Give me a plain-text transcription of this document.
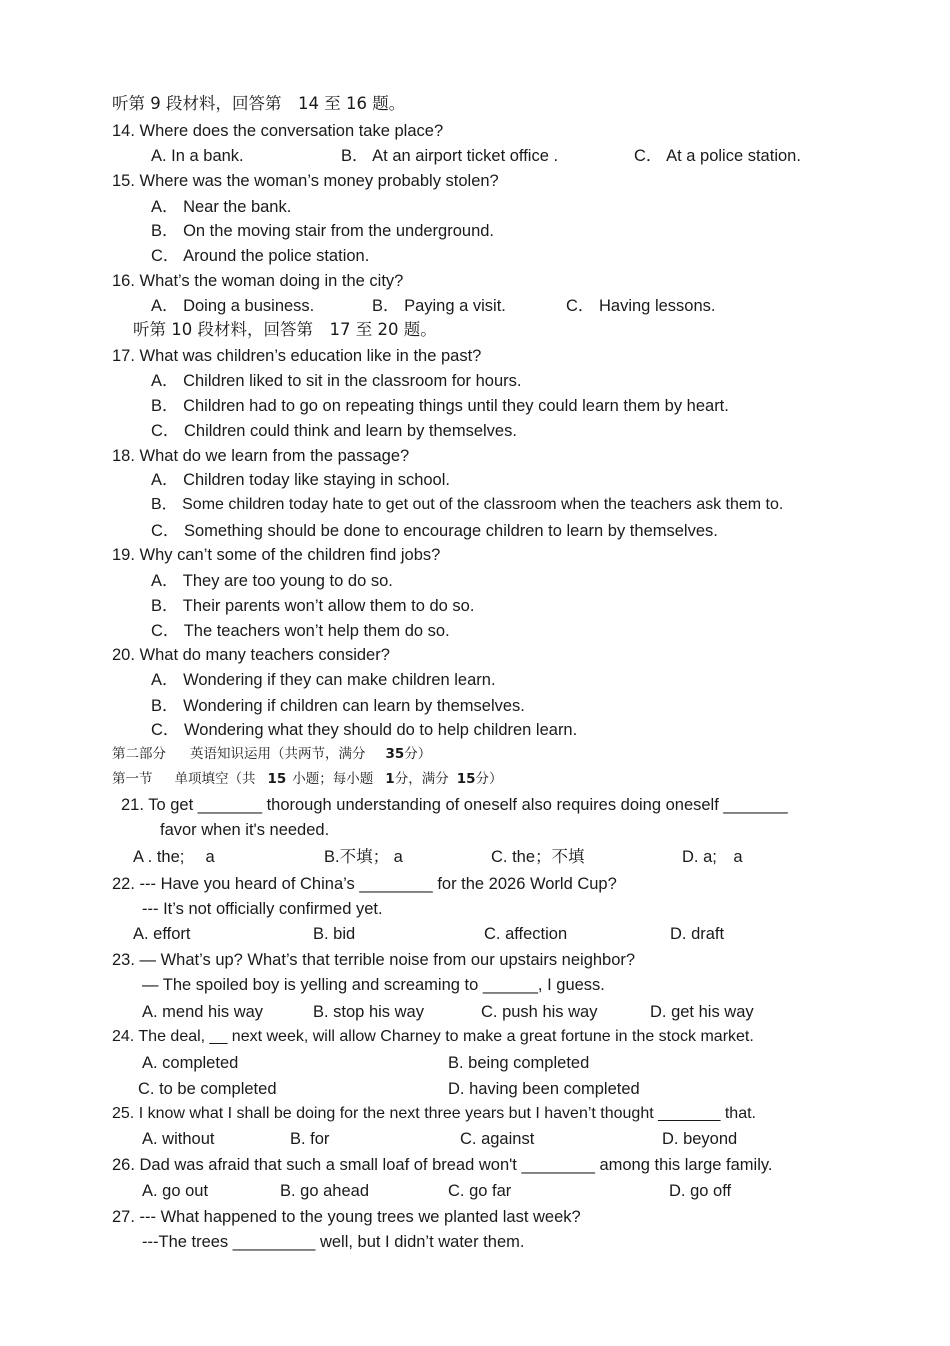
听第 9 段材料，回答第　14 至 16 题。
14. Where does the conversation take place?
A. In a bank.	B． At an airport ticket office .	C． At a police station.
15. Where was the woman’s money probably stolen?
A． Near the bank.
B． On the moving stair from the underground.
C． Around the police station.
16. What’s the woman doing in the city?
A． Doing a business.	B． Paying a visit.	C． Having lessons.
听第 10 段材料，回答第　17 至 20 题。
17. What was children’s education like in the past?
A． Children liked to sit in the classroom for hours.
B． Children had to go on repeating things until they could learn them by heart.
C． Children could think and learn by themselves.
18. What do we learn from the passage?
A． Children today like staying in school.
B． Some children today hate to get out of the classroom when the teachers ask them to.
C． Something should be done to encourage children to learn by themselves.
19. Why can’t some of the children find jobs?
A． They are too young to do so.
B． Their parents won’t allow them to do so.
C． The teachers won’t help them do so.
20. What do many teachers consider?
A． Wondering if they can make children learn.
B． Wondering if children can learn by themselves.
C． Wondering what they should do to help children learn.
第二部分 英语知识运用（共两节，满分 35分）
第一节 单项填空（共 15 小题；每小题 1分，满分 15分）
21. To get _______ thorough understanding of oneself also requires doing oneself _______
favor when it's needed.
A . the;　 a	B.不填； a	C. the；不填	D. a;　a
22. --- Have you heard of China’s ________ for the 2026 World Cup?
--- It’s not officially confirmed yet.
A. effort	B. bid	C. affection	D. draft
23. — What’s up? What’s that terrible noise from our upstairs neighbor?
— The spoiled boy is yelling and screaming to ______, I guess.
A. mend his way	B. stop his way	C. push his way	D. get his way
24. The deal, __ next week, will allow Charney to make a great fortune in the stock market.
A. completed	B. being completed
C. to be completed	D. having been completed
25. I know what I shall be doing for the next three years but I haven’t thought _______ that.
A. without	B. for	C. against	D. beyond
26. Dad was afraid that such a small loaf of bread won't ________ among this large family.
A. go out	B. go ahead	C. go far	D. go off
27. --- What happened to the young trees we planted last week?
---The trees _________ well, but I didn’t water them.
